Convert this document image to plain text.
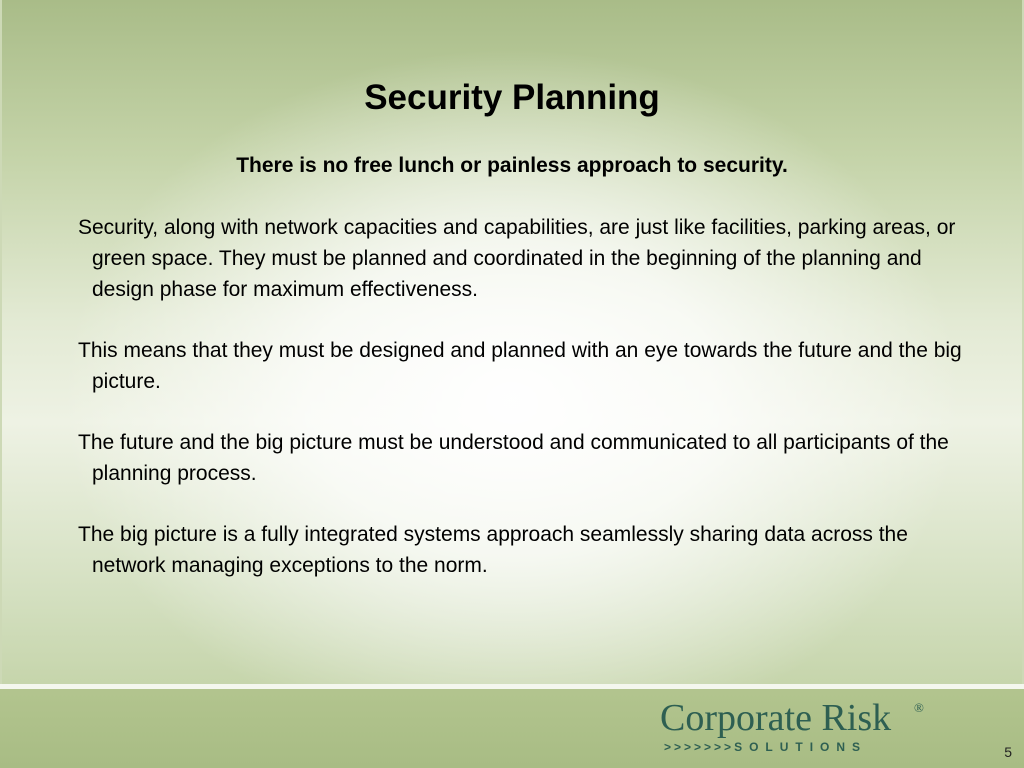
Security Planning

There is no free lunch or painless approach to security.

Security, along with network capacities and capabilities, are just like facilities, parking areas, or green space. They must be planned and coordinated in the beginning of the planning and design phase for maximum effectiveness.

This means that they must be designed and planned with an eye towards the future and the big picture.

The future and the big picture must be understood and communicated to all participants of the planning process.

The big picture is a fully integrated systems approach seamlessly sharing data across the network managing exceptions to the norm.

Corporate Risk ®
>>>>>>>SOLUTIONS	5
